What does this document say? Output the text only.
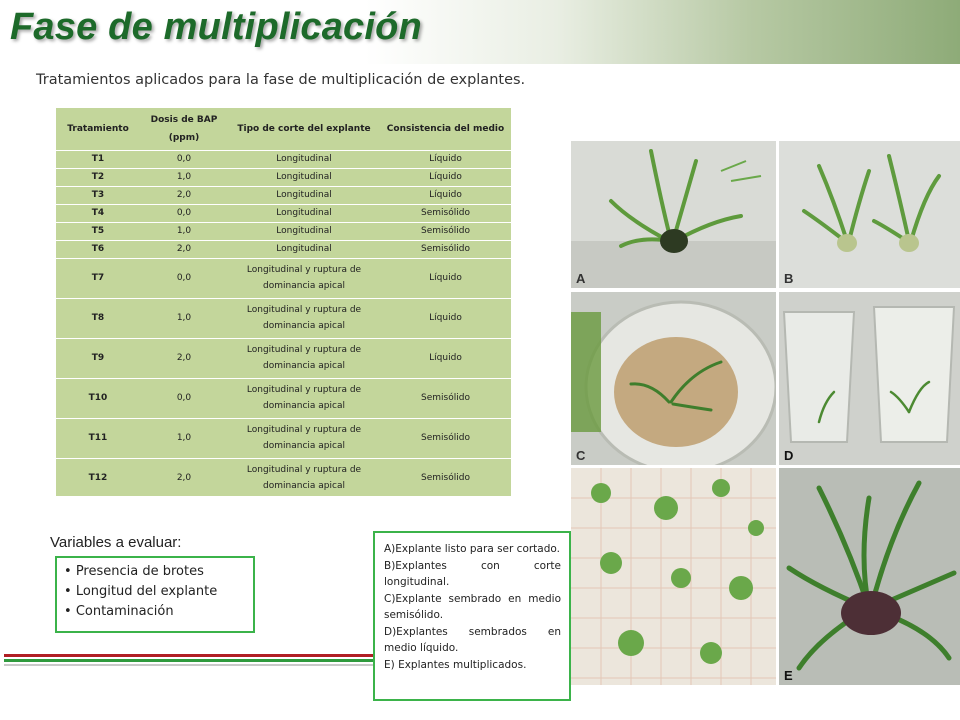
Fase de multiplicación

Tratamientos aplicados para la fase de multiplicación de explantes.

Tratamiento	Dosis de BAP (ppm)	Tipo de corte del explante	Consistencia del medio
T1	0,0	Longitudinal	Líquido
T2	1,0	Longitudinal	Líquido
T3	2,0	Longitudinal	Líquido
T4	0,0	Longitudinal	Semisólido
T5	1,0	Longitudinal	Semisólido
T6	2,0	Longitudinal	Semisólido
T7	0,0	Longitudinal y ruptura de dominancia apical	Líquido
T8	1,0	Longitudinal y ruptura de dominancia apical	Líquido
T9	2,0	Longitudinal y ruptura de dominancia apical	Líquido
T10	0,0	Longitudinal y ruptura de dominancia apical	Semisólido
T11	1,0	Longitudinal y ruptura de dominancia apical	Semisólido
T12	2,0	Longitudinal y ruptura de dominancia apical	Semisólido
Variables a evaluar:
• Presencia de brotes
• Longitud del explante
• Contaminación
A	B
C	D
E

A)Explante listo para ser cortado.

B)Explantes con corte longitudinal.

C)Explante sembrado en medio semisólido.

D)Explantes sembrados en medio líquido.

E) Explantes multiplicados.
